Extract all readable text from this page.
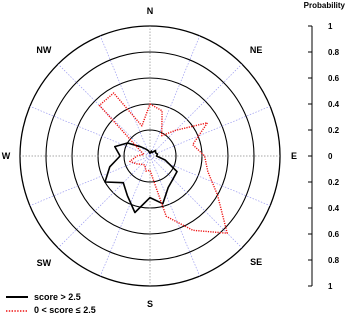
N
NE
E
SE
S
SW
W
NW
Probability
1
0.8
0.6
0.4
0.2
0
0.2
0.4
0.6
0.8
1
score > 2.5
0 < score ≤ 2.5
